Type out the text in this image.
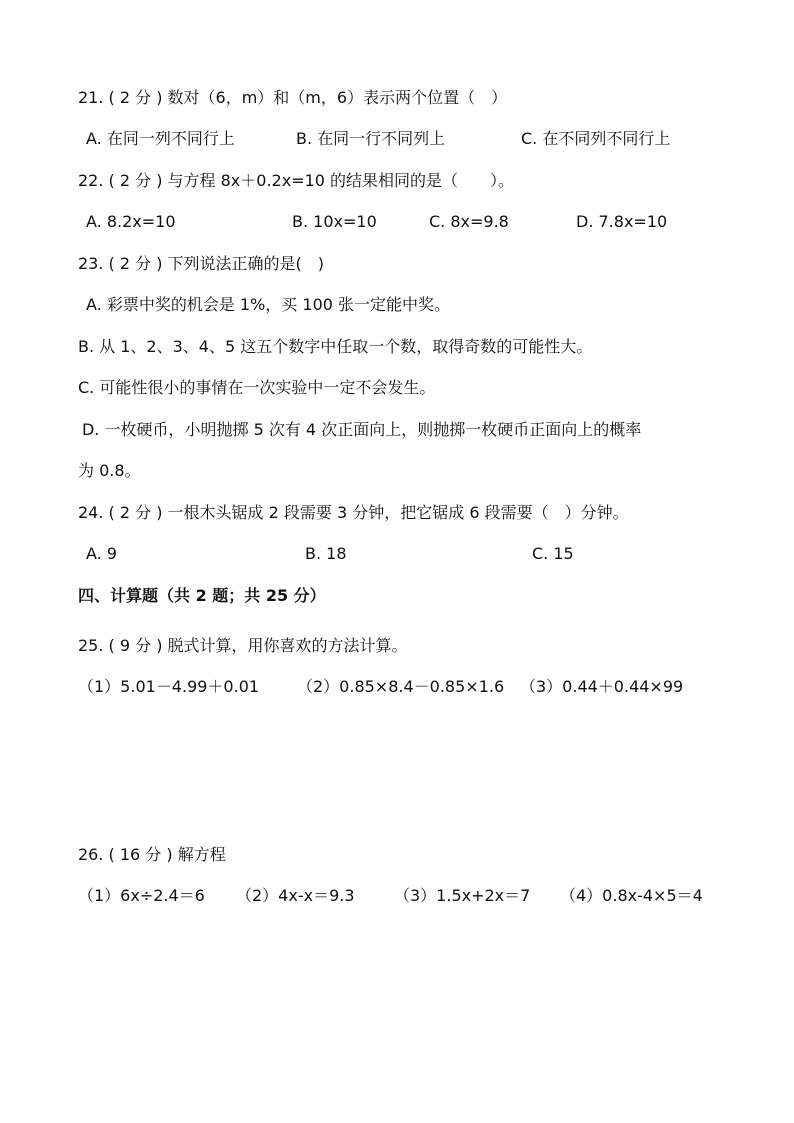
21. ( 2 分 ) 数对（6，m）和（m，6）表示两个位置（　）
A. 在同一列不同行上	B. 在同一行不同列上	C. 在不同列不同行上
22. ( 2 分 ) 与方程 8x＋0.2x=10 的结果相同的是（　　）。
A. 8.2x=10	B. 10x=10	C. 8x=9.8	D. 7.8x=10
23. ( 2 分 ) 下列说法正确的是(　)
A. 彩票中奖的机会是 1%，买 100 张一定能中奖。
B. 从 1、2、3、4、5 这五个数字中任取一个数，取得奇数的可能性大。
C. 可能性很小的事情在一次实验中一定不会发生。
D. 一枚硬币，小明抛掷 5 次有 4 次正面向上，则抛掷一枚硬币正面向上的概率
为 0.8。
24. ( 2 分 ) 一根木头锯成 2 段需要 3 分钟，把它锯成 6 段需要（　）分钟。
A. 9	B. 18	C. 15
四、计算题（共 2 题；共 25 分）
25. ( 9 分 ) 脱式计算，用你喜欢的方法计算。
（1）5.01－4.99＋0.01 （2）0.85×8.4－0.85×1.6 （3）0.44＋0.44×99
26. ( 16 分 ) 解方程
（1）6x÷2.4＝6 （2）4x-x＝9.3 （3）1.5x+2x＝7 （4）0.8x-4×5＝4
